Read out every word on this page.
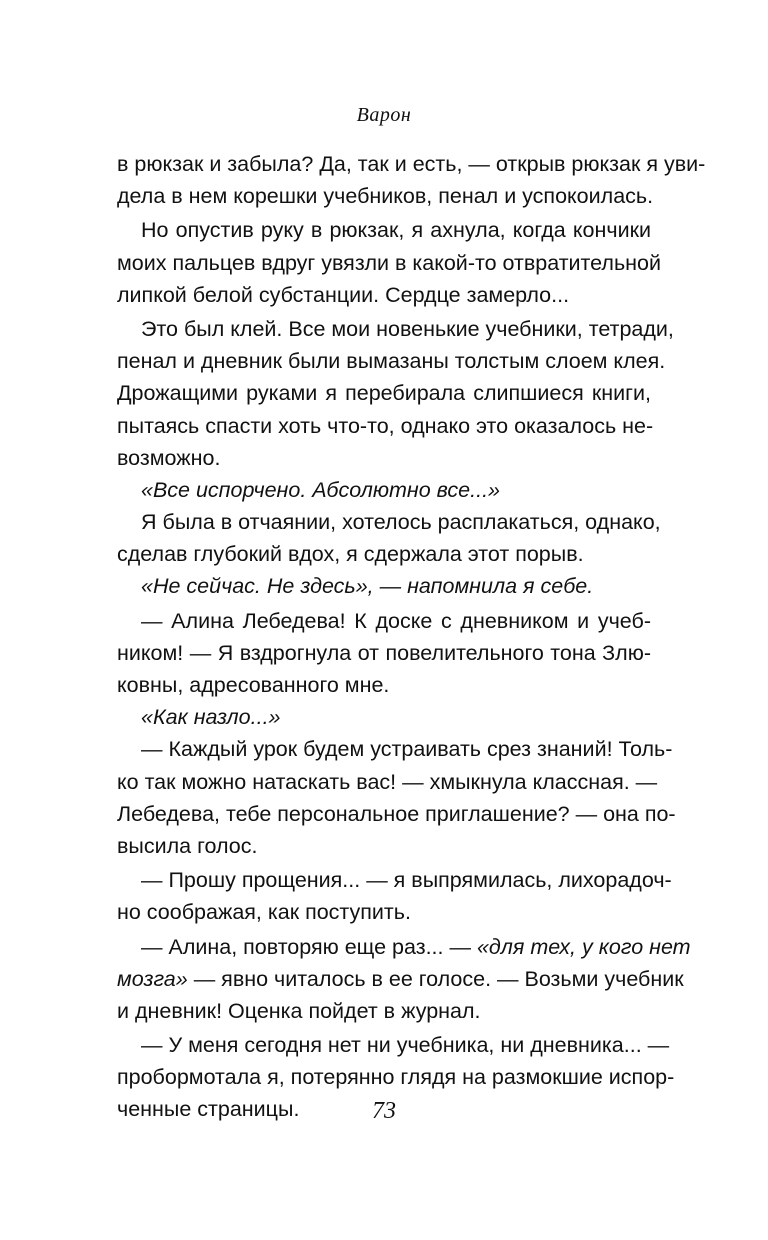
Варон
в рюкзак и забыла? Да, так и есть, — открыв рюкзак я уви-
дела в нем корешки учебников, пенал и успокоилась.
Но опустив руку в рюкзак, я ахнула, когда кончики
моих пальцев вдруг увязли в какой-то отвратительной
липкой белой субстанции. Сердце замерло...
Это был клей. Все мои новенькие учебники, тетради,
пенал и дневник были вымазаны толстым слоем клея.
Дрожащими руками я перебирала слипшиеся книги,
пытаясь спасти хоть что-то, однако это оказалось не-
возможно.
«Все испорчено. Абсолютно все...»
Я была в отчаянии, хотелось расплакаться, однако,
сделав глубокий вдох, я сдержала этот порыв.
«Не сейчас. Не здесь», — напомнила я себе.
— Алина Лебедева! К доске с дневником и учеб-
ником! — Я вздрогнула от повелительного тона Злю-
ковны, адресованного мне.
«Как назло...»
— Каждый урок будем устраивать срез знаний! Толь-
ко так можно натаскать вас! — хмыкнула классная. —
Лебедева, тебе персональное приглашение? — она по-
высила голос.
— Прошу прощения... — я выпрямилась, лихорадоч-
но соображая, как поступить.
— Алина, повторяю еще раз... — «для тех, у кого нет
мозга» — явно читалось в ее голосе. — Возьми учебник
и дневник! Оценка пойдет в журнал.
— У меня сегодня нет ни учебника, ни дневника... —
пробормотала я, потерянно глядя на размокшие испор-
ченные страницы.	73
